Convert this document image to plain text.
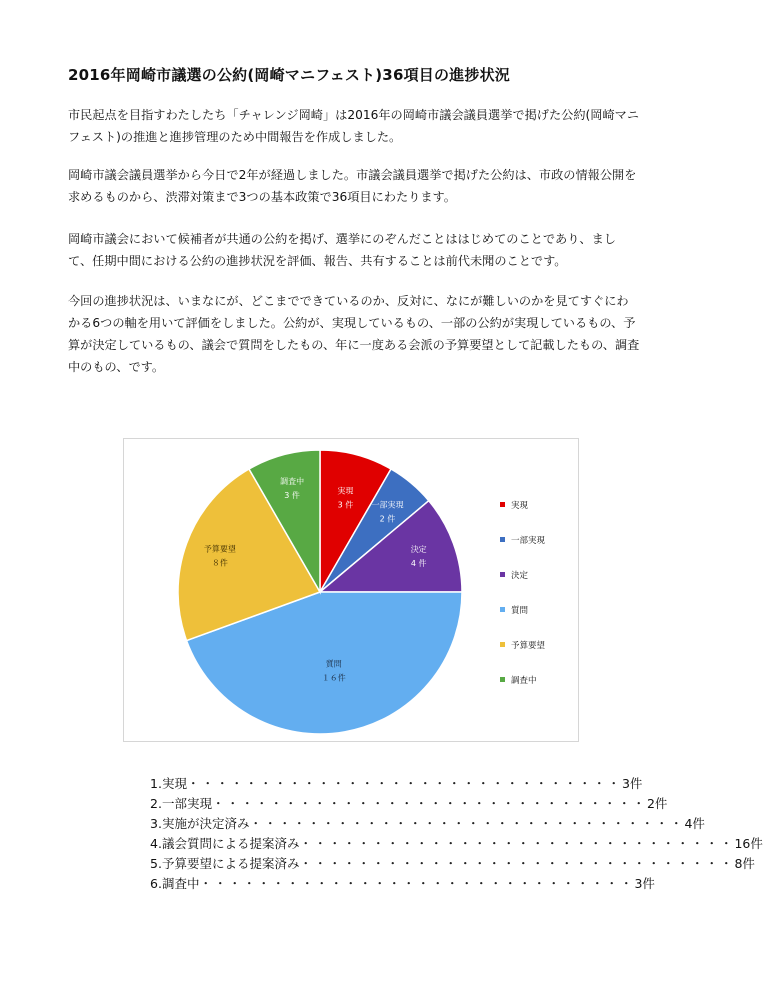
2016年岡崎市議選の公約(岡崎マニフェスト)36項目の進捗状況

市民起点を目指すわたしたち「チャレンジ岡崎」は2016年の岡崎市議会議員選挙で掲げた公約(岡崎マニフェスト)の推進と進捗管理のため中間報告を作成しました。

岡崎市議会議員選挙から今日で2年が経過しました。市議会議員選挙で掲げた公約は、市政の情報公開を求めるものから、渋滞対策まで3つの基本政策で36項目にわたります。

岡崎市議会において候補者が共通の公約を掲げ、選挙にのぞんだことははじめてのことであり、まして、任期中間における公約の進捗状況を評価、報告、共有することは前代未聞のことです。

今回の進捗状況は、いまなにが、どこまでできているのか、反対に、なにが難しいのかを見てすぐにわかる6つの軸を用いて評価をしました。公約が、実現しているもの、一部の公約が実現しているもの、予算が決定しているもの、議会で質問をしたもの、年に一度ある会派の予算要望として記載したもの、調査中のもの、です。

実現
3 件 一部実現
2 件
決定
4 件
質問
１６件
予算要望
８件
調査中
3 件
実現
一部実現
決定
質問
予算要望
調査中
1. 実現 ・・・・・・・・・・・・・・・・・・・・・・・・・・・・・・ 3件
2. 一部実現 ・・・・・・・・・・・・・・・・・・・・・・・・・・・・・・ 2件
3. 実施が決定済み ・・・・・・・・・・・・・・・・・・・・・・・・・・・・・・ 4件
4. 議会質問による提案済み ・・・・・・・・・・・・・・・・・・・・・・・・・・・・・・ 16件
5. 予算要望による提案済み ・・・・・・・・・・・・・・・・・・・・・・・・・・・・・・ 8件
6. 調査中 ・・・・・・・・・・・・・・・・・・・・・・・・・・・・・・ 3件
